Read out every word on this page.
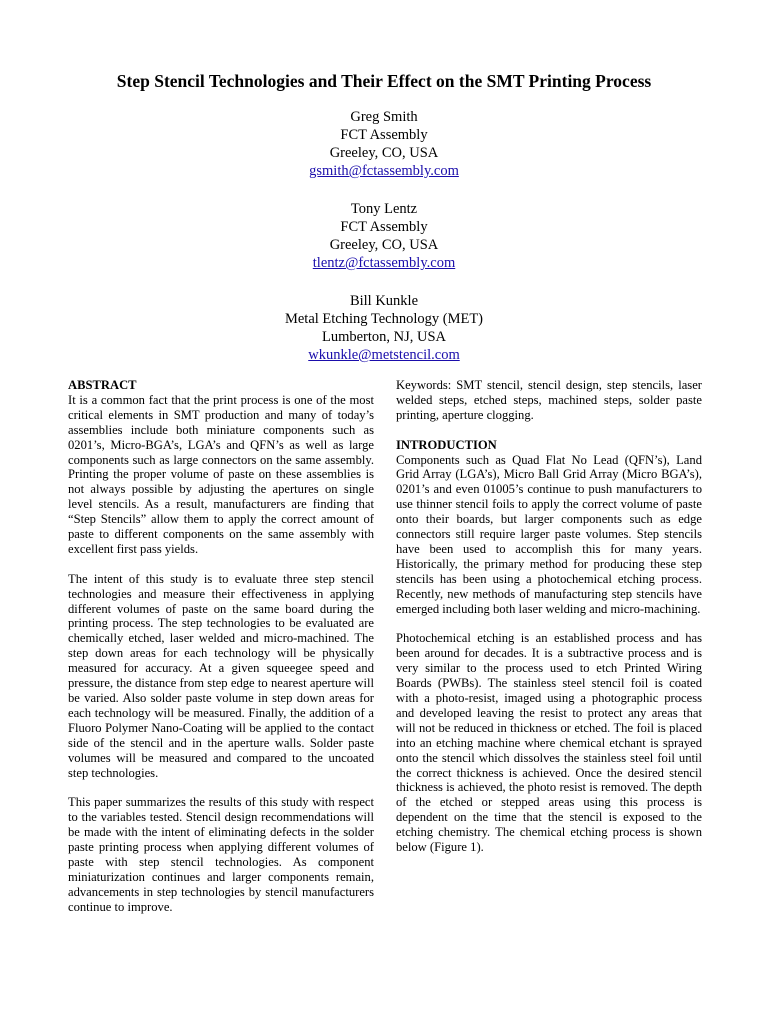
Step Stencil Technologies and Their Effect on the SMT Printing Process
Greg Smith
FCT Assembly
Greeley, CO, USA
gsmith@fctassembly.com
Tony Lentz
FCT Assembly
Greeley, CO, USA
tlentz@fctassembly.com
Bill Kunkle
Metal Etching Technology (MET)
Lumberton, NJ, USA
wkunkle@metstencil.com
ABSTRACT

It is a common fact that the print process is one of the most critical elements in SMT production and many of today’s assemblies include both miniature components such as 0201’s, Micro-BGA’s, LGA’s and QFN’s as well as large components such as large connectors on the same assembly. Printing the proper volume of paste on these assemblies is not always possible by adjusting the apertures on single level stencils. As a result, manufacturers are finding that “Step Stencils” allow them to apply the correct amount of paste to different components on the same assembly with excellent first pass yields.

The intent of this study is to evaluate three step stencil technologies and measure their effectiveness in applying different volumes of paste on the same board during the printing process. The step technologies to be evaluated are chemically etched, laser welded and micro-machined. The step down areas for each technology will be physically measured for accuracy. At a given squeegee speed and pressure, the distance from step edge to nearest aperture will be varied. Also solder paste volume in step down areas for each technology will be measured. Finally, the addition of a Fluoro Polymer Nano-Coating will be applied to the contact side of the stencil and in the aperture walls. Solder paste volumes will be measured and compared to the uncoated step technologies.

This paper summarizes the results of this study with respect to the variables tested. Stencil design recommendations will be made with the intent of eliminating defects in the solder paste printing process when applying different volumes of paste with step stencil technologies. As component miniaturization continues and larger components remain, advancements in step technologies by stencil manufacturers continue to improve.

Keywords: SMT stencil, stencil design, step stencils, laser welded steps, etched steps, machined steps, solder paste printing, aperture clogging.

INTRODUCTION

Components such as Quad Flat No Lead (QFN’s), Land Grid Array (LGA’s), Micro Ball Grid Array (Micro BGA’s), 0201’s and even 01005’s continue to push manufacturers to use thinner stencil foils to apply the correct volume of paste onto their boards, but larger components such as edge connectors still require larger paste volumes. Step stencils have been used to accomplish this for many years. Historically, the primary method for producing these step stencils has been using a photochemical etching process. Recently, new methods of manufacturing step stencils have emerged including both laser welding and micro-machining.

Photochemical etching is an established process and has been around for decades. It is a subtractive process and is very similar to the process used to etch Printed Wiring Boards (PWBs). The stainless steel stencil foil is coated with a photo-resist, imaged using a photographic process and developed leaving the resist to protect any areas that will not be reduced in thickness or etched. The foil is placed into an etching machine where chemical etchant is sprayed onto the stencil which dissolves the stainless steel foil until the correct thickness is achieved. Once the desired stencil thickness is achieved, the photo resist is removed. The depth of the etched or stepped areas using this process is dependent on the time that the stencil is exposed to the etching chemistry. The chemical etching process is shown below (Figure 1).
